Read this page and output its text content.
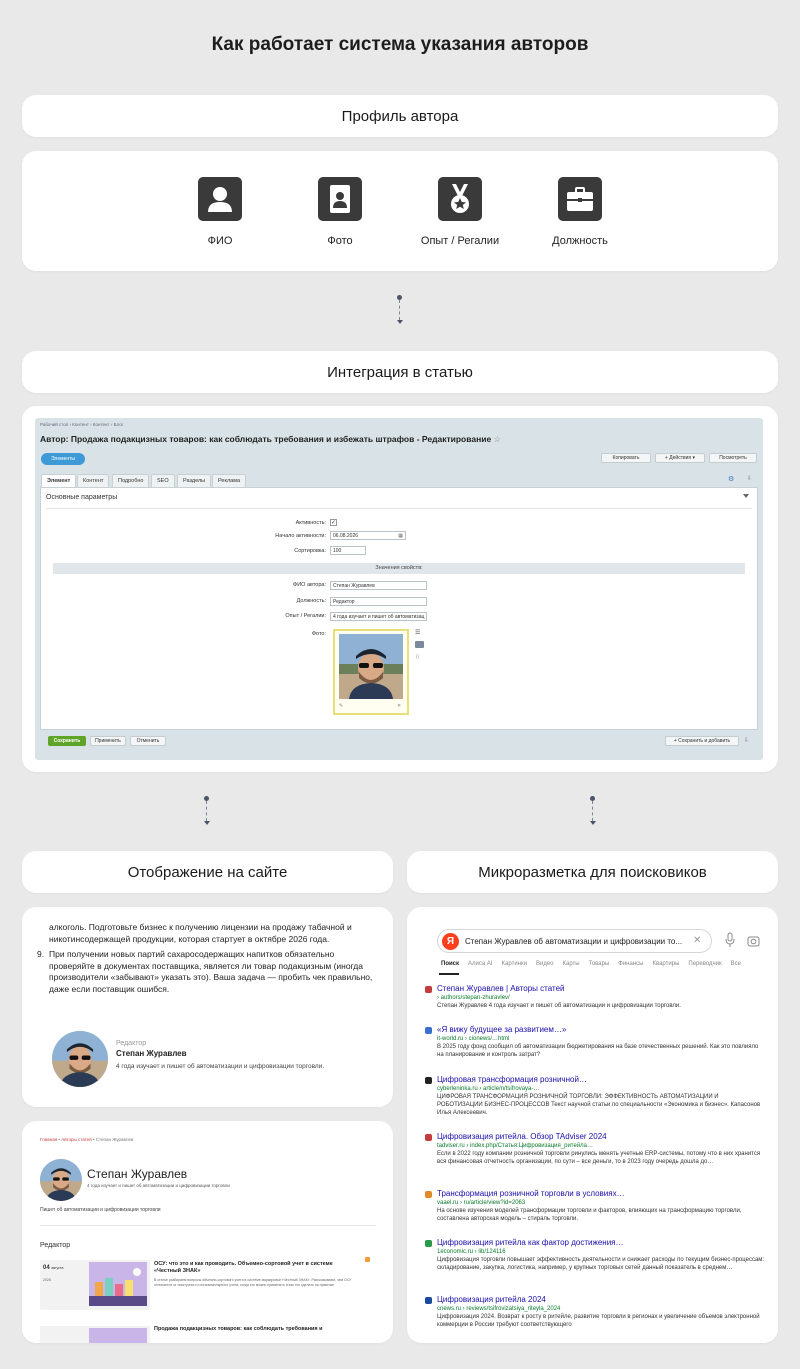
Как работает система указания авторов
Профиль автора
ФИО	Фото	Опыт / Регалии	Должность
Интеграция в статью
Рабочий стол › Контент › Контент › Блог
Автор: Продажа подакцизных товаров: как соблюдать требования и избежать штрафов - Редактирование ☆
Элементы	Копировать	+ Действия ▾	Посмотреть
Элемент	Контент	Подробно	SEO	Разделы	Реклама	⚙ ⇩
Основные параметры
Активность: ✓
Начало активности:	06.08.2026	▦
Сортировка:	100
Значения свойств:
ФИО автора:	Степан Журавлев
Должность:	Редактор
Опыт / Регалии:	4 года изучает и пишет об автоматизац
Фото:
✎	✕
☰
▯
Сохранить	Применить	Отменить	+ Сохранить и добавить	⇩
Отображение на сайте	Микроразметка для поисковиков
алкоголь. Подготовьте бизнес к получению лицензии на продажу табачной и никотинсодержащей продукции, которая стартует в октябре 2026 года.
9. При получении новых партий сахаросодержащих напитков обязательно проверяйте в документах поставщика, является ли товар подакцизным (иногда производители «забывают» указать это). Ваша задача — пробить чек правильно, даже если поставщик ошибся.
Редактор
Степан Журавлев
4 года изучает и пишет об автоматизации и цифровизации торговли.
Главная • Авторы статей • Степан Журавлев
Степан Журавлев
4 года изучает и пишет об автоматизации и цифровизации торговли
Пишет об автоматизации и цифровизации торговли
Редактор
04 августа
2026
ОСУ: что это и как проводить. Объемно-сортовой учет в системе «Честный ЗНАК»
В статье разбираем вопросы объемно-сортового учета в системе маркировки «Честный ЗНАК». Рассказываем, чем ОСУ отличается от поштучного и поэкземплярного учета, когда его можно применять и как это сделать на практике
Продажа подакцизных товаров: как соблюдать требования и
Я	Степан Журавлев об автоматизации и цифровизации то... ✕
Поиск Алиса AI Картинки Видео Карты Товары Финансы Квартиры Переводчик Все
Степан Журавлев | Авторы статей
› authors/stepan-zhuravlev/
Степан Журавлев 4 года изучает и пишет об автоматизации и цифровизации торговли.
«Я вижу будущее за развитием…»
it-world.ru › cionews/…html
В 2025 году фонд сообщил об автоматизации бюджетирования на базе отечественных решений. Как это повлияло на планирование и контроль затрат?
Цифровая трансформация розничной…
cyberleninka.ru › article/n/tsifrovaya-…
ЦИФРОВАЯ ТРАНСФОРМАЦИЯ РОЗНИЧНОЙ ТОРГОВЛИ: ЭФФЕКТИВНОСТЬ АВТОМАТИЗАЦИИ И РОБОТИЗАЦИИ БИЗНЕС-ПРОЦЕССОВ Текст научной статьи по специальности «Экономика и бизнес». Капасонов Илья Алексеевич.
Цифровизация ритейла. Обзор TAdviser 2024
tadviser.ru › index.php/Статья:Цифровизация_ритейла…
Если в 2022 году компании розничной торговли ринулись менять учетные ERP-системы, потому что в них хранится вся финансовая отчетность организации, по сути – все деньги, то в 2023 году очередь дошла до…
Трансформация розничной торговли в условиях…
vaael.ru › ru/article/view?id=2063
На основе изучения моделей трансформации торговли и факторов, влияющих на трансформацию торговли, составлена авторская модель – стираль торговли.
Цифровизация ритейла как фактор достижения…
1economic.ru › lib/124116
Цифровизация торговли повышает эффективность деятельности и снижает расходы по текущим бизнес-процессам: складирование, закупка, логистика, например, у крупных торговых сетей данный показатель в среднем…
Цифровизация ритейла 2024
cnews.ru › reviews/tsifrovizatsiya_riteyla_2024
Цифровизация 2024. Возврат к росту в ритейле, развитие торговли в регионах и увеличение объемов электронной коммерции в России требуют соответствующего
